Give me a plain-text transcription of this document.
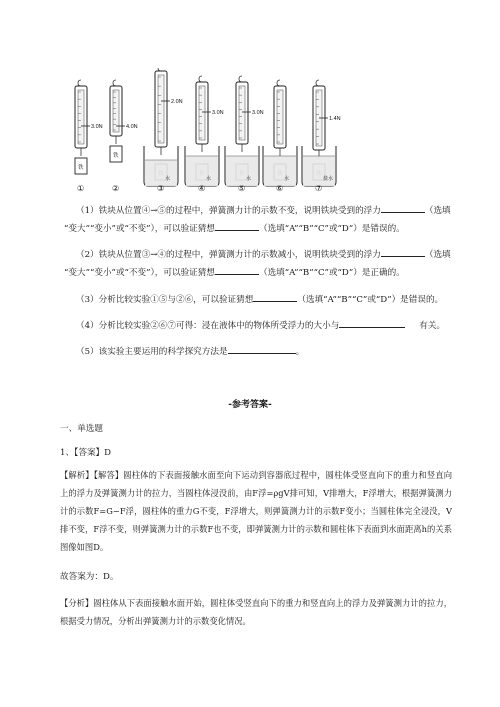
3.0N
铁
①
4.0N
铁
②
2.0N
水
③
3.0N
水
④
3.0N
水
⑤
水
⑥
1.4N
盐水
⑦
（1）铁块从位置④→⑤的过程中，弹簧测力计的示数不变，说明铁块受到的浮力	（选填
“变大”“变小”或“不变”），可以验证猜想	（选填“A”“B”“C”或“D”）是错误的。
（2）铁块从位置③→④的过程中，弹簧测力计的示数减小，说明铁块受到的浮力	（选填
“变大”“变小”或“不变”），可以验证猜想	（选填“A”“B”“C”或“D”）是正确的。
（3）分析比较实验①⑤与②⑥，可以验证猜想	（选填“A”“B”“C”或“D”）是错误的。
（4）分析比较实验②⑥⑦可得：浸在液体中的物体所受浮力的大小与	有关。
（5）该实验主要运用的科学探究方法是	。
-参考答案-
一、单选题
1、【答案】D
【解析】【解答】圆柱体的下表面接触水面至向下运动到容器底过程中，圆柱体受竖直向下的重力和竖直向上的浮力及弹簧测力计的拉力，当圆柱体浸没前，由F浮=ρgV排可知，V排增大，F浮增大，根据弹簧测力计的示数F=G−F浮，圆柱体的重力G不变，F浮增大，则弹簧测力计的示数F变小；当圆柱体完全浸没，V排不变，F浮不变，则弹簧测力计的示数F也不变，即弹簧测力计的示数和圆柱体下表面到水面距离h的关系图像如图D。
故答案为：D。
【分析】圆柱体从下表面接触水面开始，圆柱体受竖直向下的重力和竖直向上的浮力及弹簧测力计的拉力，根据受力情况，分析出弹簧测力计的示数变化情况。
